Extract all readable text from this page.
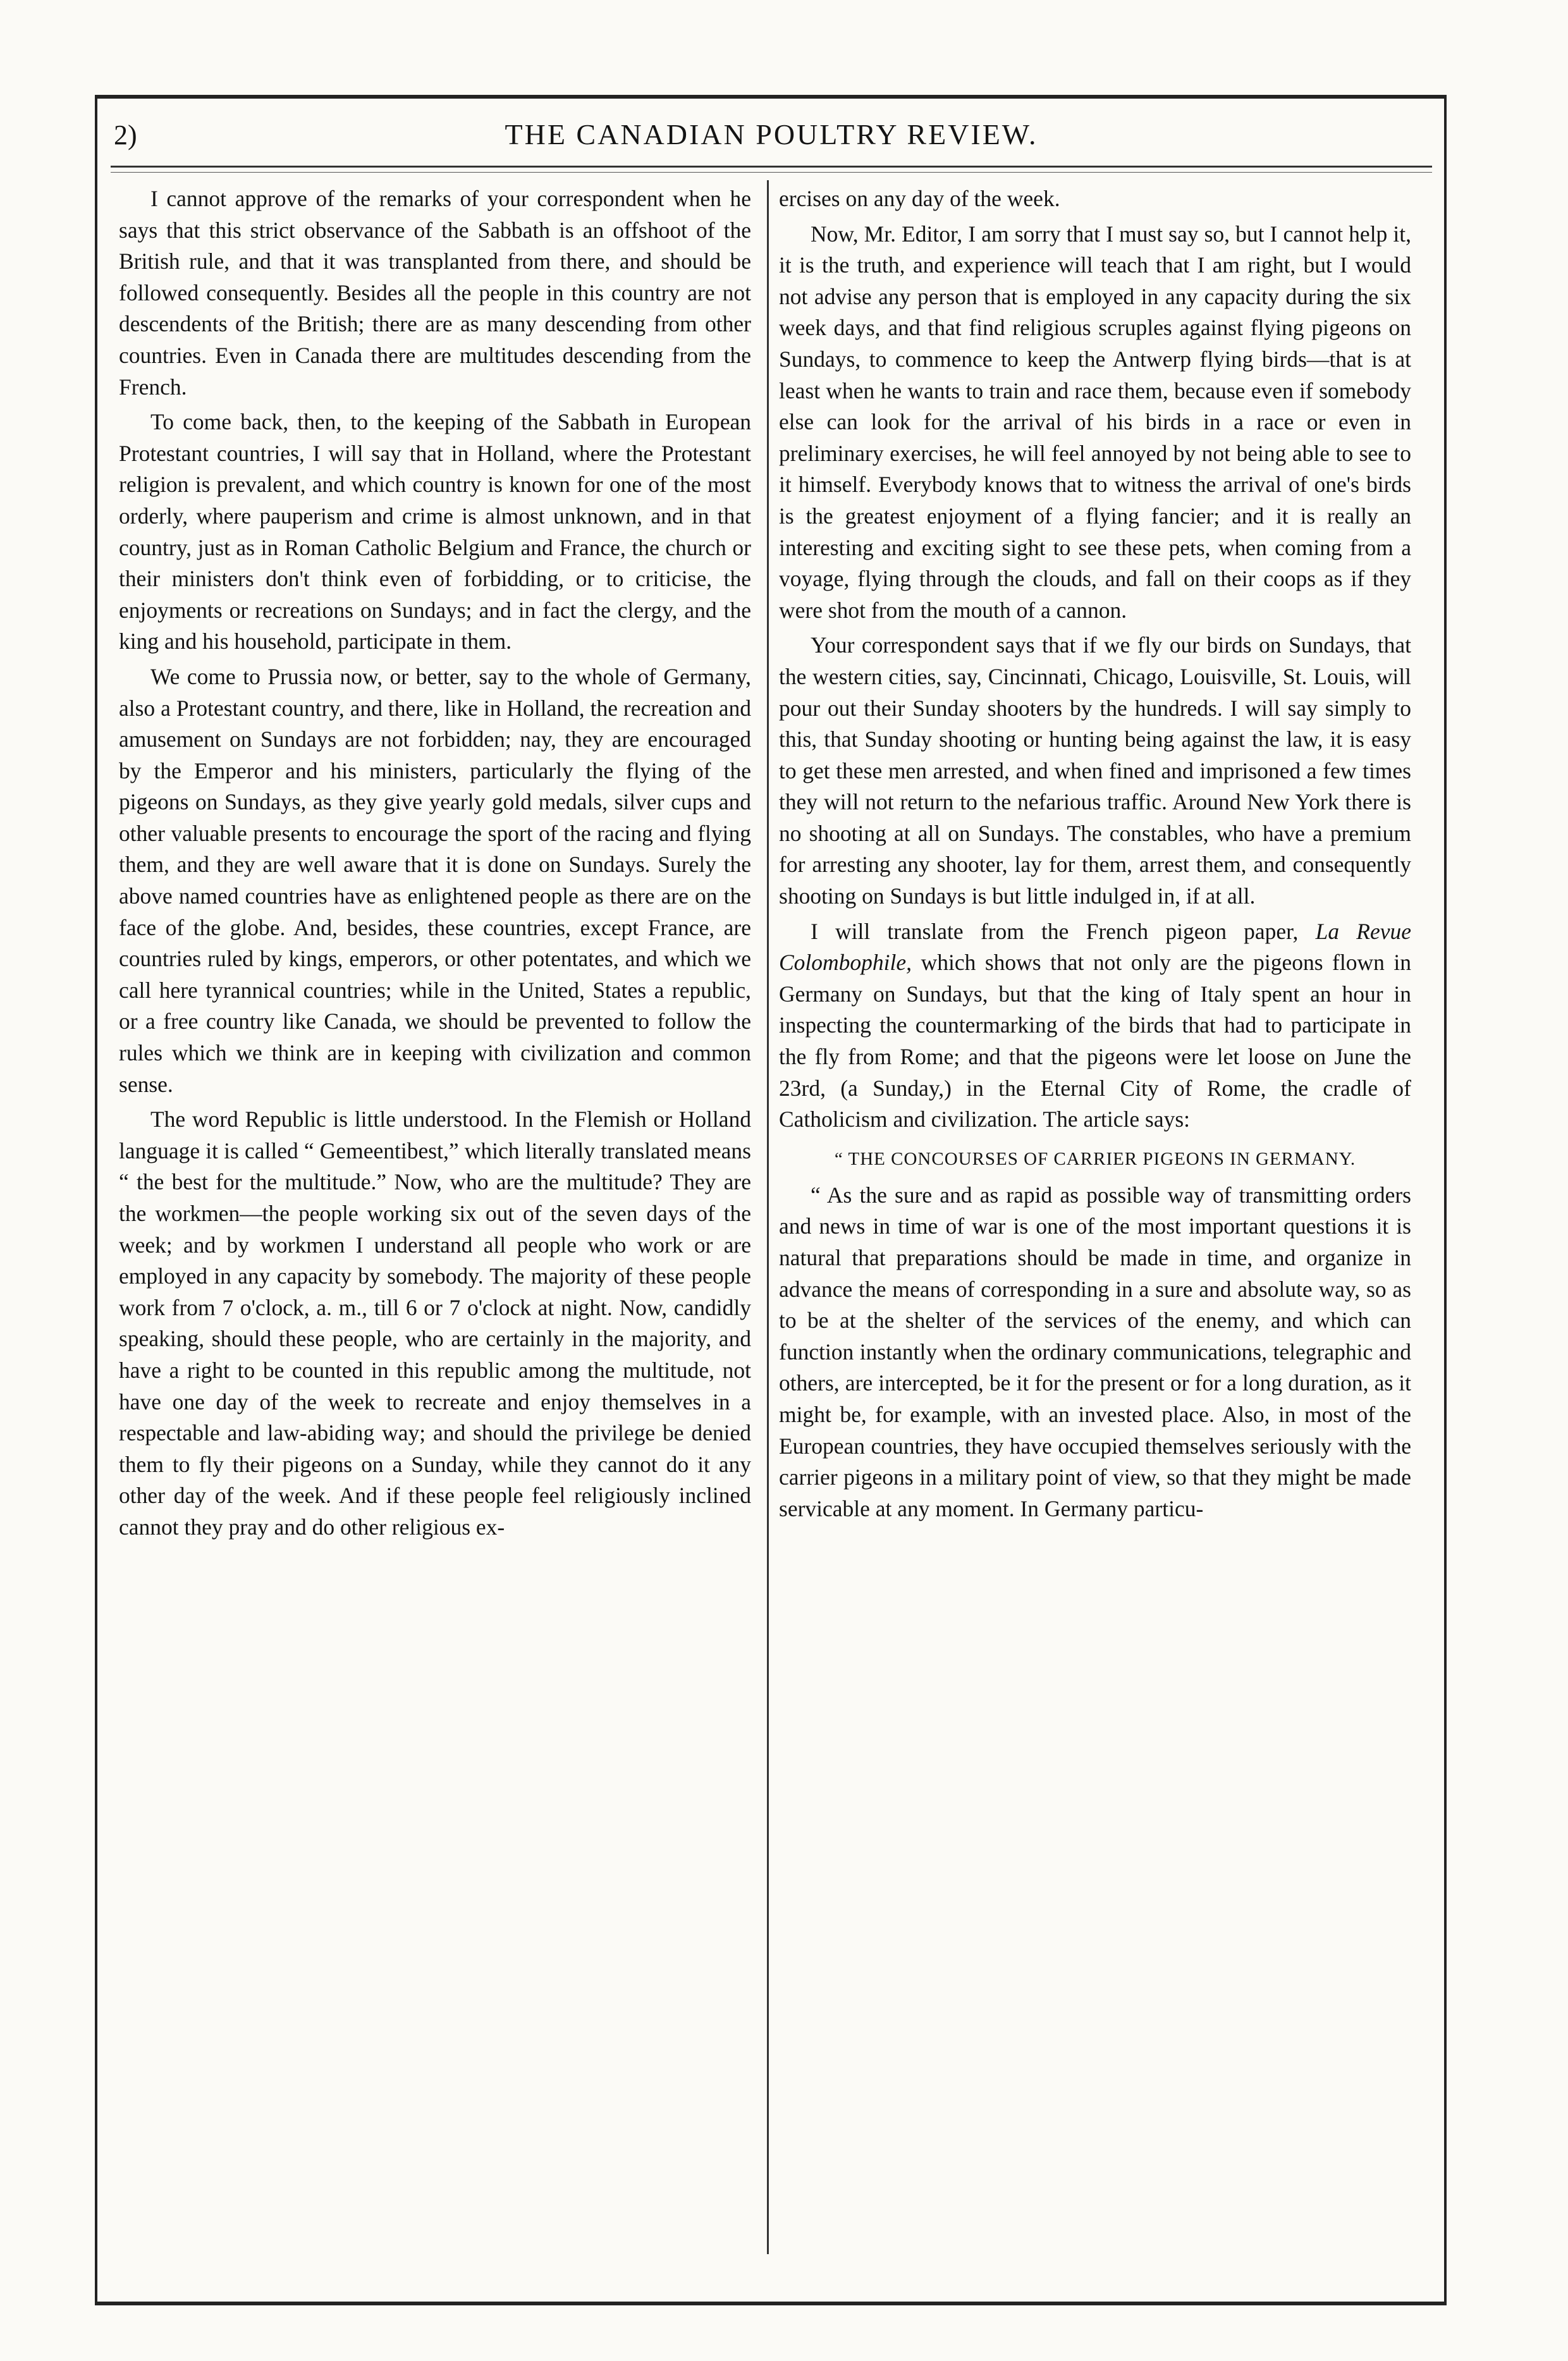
2)	THE CANADIAN POULTRY REVIEW.

I cannot approve of the remarks of your correspondent when he says that this strict observance of the Sabbath is an offshoot of the British rule, and that it was transplanted from there, and should be followed consequently. Besides all the people in this country are not descendents of the British; there are as many descending from other countries. Even in Canada there are multitudes descending from the French.

To come back, then, to the keeping of the Sabbath in European Protestant countries, I will say that in Holland, where the Protestant religion is prevalent, and which country is known for one of the most orderly, where pauperism and crime is almost unknown, and in that country, just as in Roman Catholic Belgium and France, the church or their ministers don't think even of forbidding, or to criticise, the enjoyments or recreations on Sundays; and in fact the clergy, and the king and his household, participate in them.

We come to Prussia now, or better, say to the whole of Germany, also a Protestant country, and there, like in Holland, the recreation and amusement on Sundays are not forbidden; nay, they are encouraged by the Emperor and his ministers, particularly the flying of the pigeons on Sundays, as they give yearly gold medals, silver cups and other valuable presents to encourage the sport of the racing and flying them, and they are well aware that it is done on Sundays. Surely the above named countries have as enlightened people as there are on the face of the globe. And, besides, these countries, except France, are countries ruled by kings, emperors, or other potentates, and which we call here tyrannical countries; while in the United, States a republic, or a free country like Canada, we should be prevented to follow the rules which we think are in keeping with civilization and common sense.

The word Republic is little understood. In the Flemish or Holland language it is called “ Gemeentibest,” which literally translated means “ the best for the multitude.” Now, who are the multitude? They are the workmen—the people working six out of the seven days of the week; and by workmen I understand all people who work or are employed in any capacity by somebody. The majority of these people work from 7 o'clock, a. m., till 6 or 7 o'clock at night. Now, candidly speaking, should these people, who are certainly in the majority, and have a right to be counted in this republic among the multitude, not have one day of the week to recreate and enjoy themselves in a respectable and law-abiding way; and should the privilege be denied them to fly their pigeons on a Sunday, while they cannot do it any other day of the week. And if these people feel religiously inclined cannot they pray and do other religious ex-

ercises on any day of the week.

Now, Mr. Editor, I am sorry that I must say so, but I cannot help it, it is the truth, and experience will teach that I am right, but I would not advise any person that is employed in any capacity during the six week days, and that find religious scruples against flying pigeons on Sundays, to commence to keep the Antwerp flying birds—that is at least when he wants to train and race them, because even if somebody else can look for the arrival of his birds in a race or even in preliminary exercises, he will feel annoyed by not being able to see to it himself. Everybody knows that to witness the arrival of one's birds is the greatest enjoyment of a flying fancier; and it is really an interesting and exciting sight to see these pets, when coming from a voyage, flying through the clouds, and fall on their coops as if they were shot from the mouth of a cannon.

Your correspondent says that if we fly our birds on Sundays, that the western cities, say, Cincinnati, Chicago, Louisville, St. Louis, will pour out their Sunday shooters by the hundreds. I will say simply to this, that Sunday shooting or hunting being against the law, it is easy to get these men arrested, and when fined and imprisoned a few times they will not return to the nefarious traffic. Around New York there is no shooting at all on Sundays. The constables, who have a premium for arresting any shooter, lay for them, arrest them, and consequently shooting on Sundays is but little indulged in, if at all.

I will translate from the French pigeon paper, La Revue Colombophile, which shows that not only are the pigeons flown in Germany on Sundays, but that the king of Italy spent an hour in inspecting the countermarking of the birds that had to participate in the fly from Rome; and that the pigeons were let loose on June the 23rd, (a Sunday,) in the Eternal City of Rome, the cradle of Catholicism and civilization. The article says:

“ THE CONCOURSES OF CARRIER PIGEONS IN GERMANY.

“ As the sure and as rapid as possible way of transmitting orders and news in time of war is one of the most important questions it is natural that preparations should be made in time, and organize in advance the means of corresponding in a sure and absolute way, so as to be at the shelter of the services of the enemy, and which can function instantly when the ordinary communications, telegraphic and others, are intercepted, be it for the present or for a long duration, as it might be, for example, with an invested place. Also, in most of the European countries, they have occupied themselves seriously with the carrier pigeons in a military point of view, so that they might be made servicable at any moment. In Germany particu-
